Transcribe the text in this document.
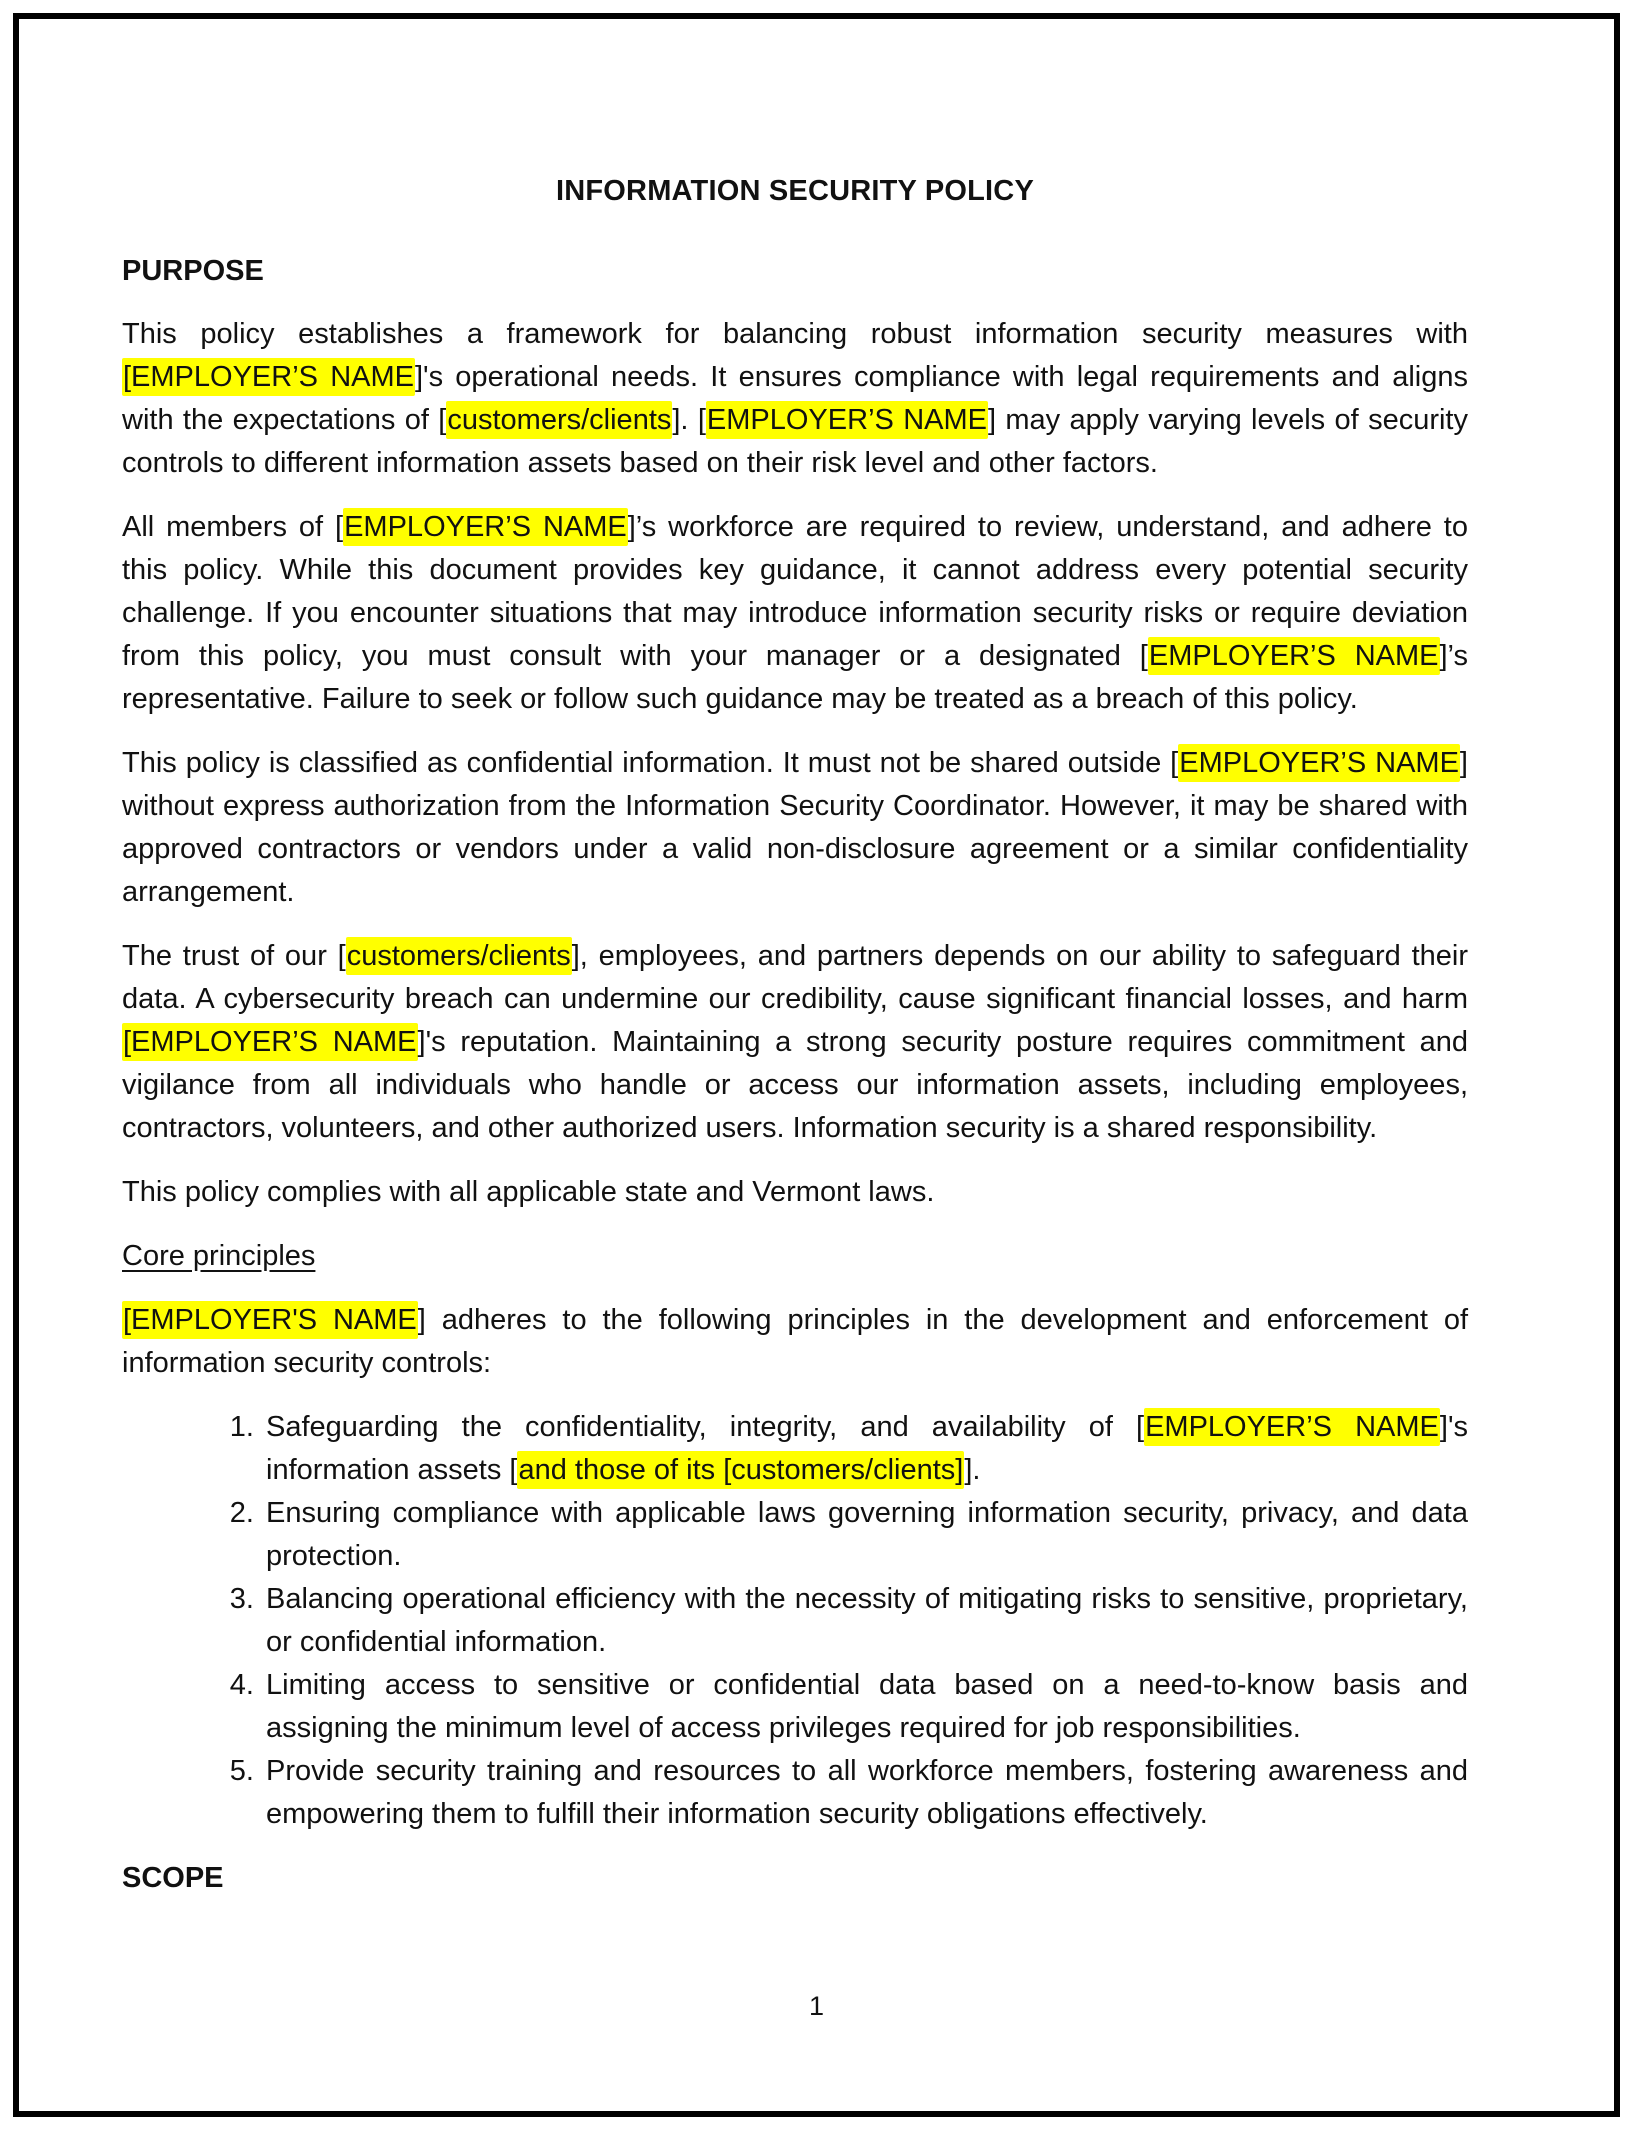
INFORMATION SECURITY POLICY
PURPOSE

This policy establishes a framework for balancing robust information security measures with [EMPLOYER’S NAME]'s operational needs. It ensures compliance with legal requirements and aligns with the expectations of [customers/clients]. [EMPLOYER’S NAME] may apply varying levels of security controls to different information assets based on their risk level and other factors.

All members of [EMPLOYER’S NAME]’s workforce are required to review, understand, and adhere to this policy. While this document provides key guidance, it cannot address every potential security challenge. If you encounter situations that may introduce information security risks or require deviation from this policy, you must consult with your manager or a designated [EMPLOYER’S NAME]’s representative. Failure to seek or follow such guidance may be treated as a breach of this policy.

This policy is classified as confidential information. It must not be shared outside [EMPLOYER’S NAME] without express authorization from the Information Security Coordinator. However, it may be shared with approved contractors or vendors under a valid non-disclosure agreement or a similar confidentiality arrangement.

The trust of our [customers/clients], employees, and partners depends on our ability to safeguard their data. A cybersecurity breach can undermine our credibility, cause significant financial losses, and harm [EMPLOYER’S NAME]'s reputation. Maintaining a strong security posture requires commitment and vigilance from all individuals who handle or access our information assets, including employees, contractors, volunteers, and other authorized users. Information security is a shared responsibility.

This policy complies with all applicable state and Vermont laws.

Core principles

[EMPLOYER'S NAME] adheres to the following principles in the development and enforcement of information security controls:

1. Safeguarding the confidentiality, integrity, and availability of [EMPLOYER’S NAME]'s information assets [and those of its [customers/clients]].
2. Ensuring compliance with applicable laws governing information security, privacy, and data protection.
3. Balancing operational efficiency with the necessity of mitigating risks to sensitive, proprietary, or confidential information.
4. Limiting access to sensitive or confidential data based on a need-to-know basis and assigning the minimum level of access privileges required for job responsibilities.
5. Provide security training and resources to all workforce members, fostering awareness and empowering them to fulfill their information security obligations effectively.
SCOPE
1
